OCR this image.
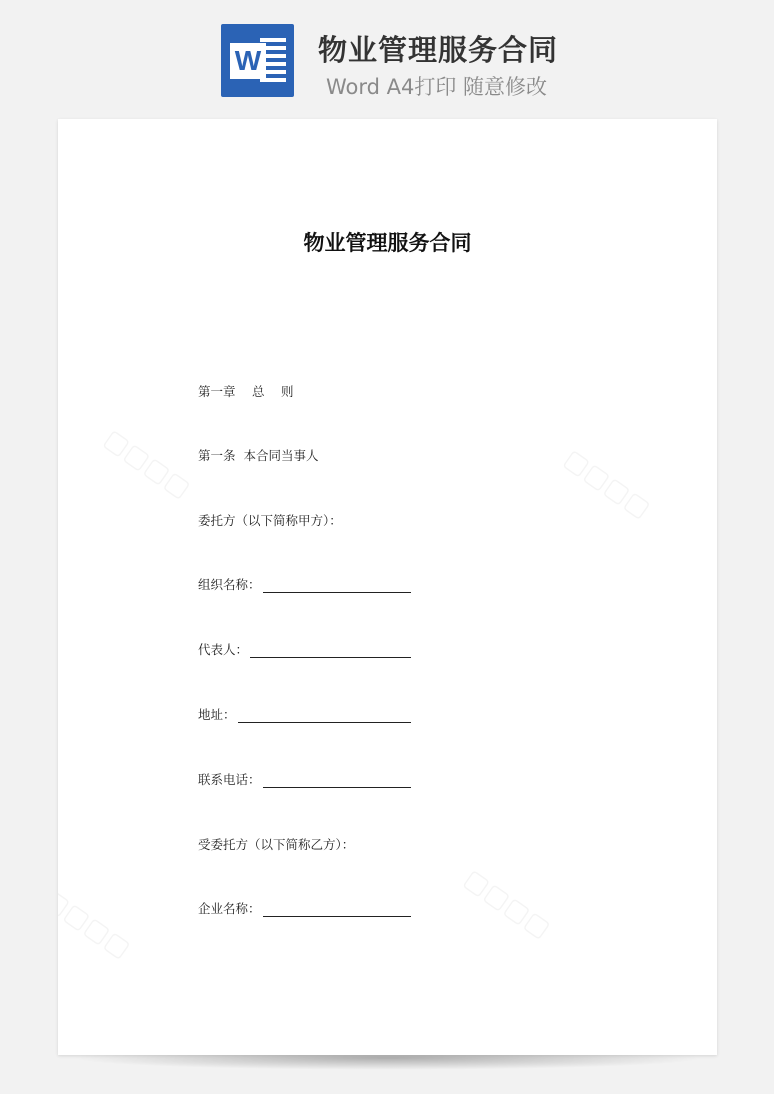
W 物业管理服务合同
Word A4打印 随意修改
物业管理服务合同
第一章　 总　 则
第一条  本合同当事人
委托方（以下简称甲方）：
组织名称：
代表人：
地址：
联系电话：
受委托方（以下简称乙方）：
企业名称：
